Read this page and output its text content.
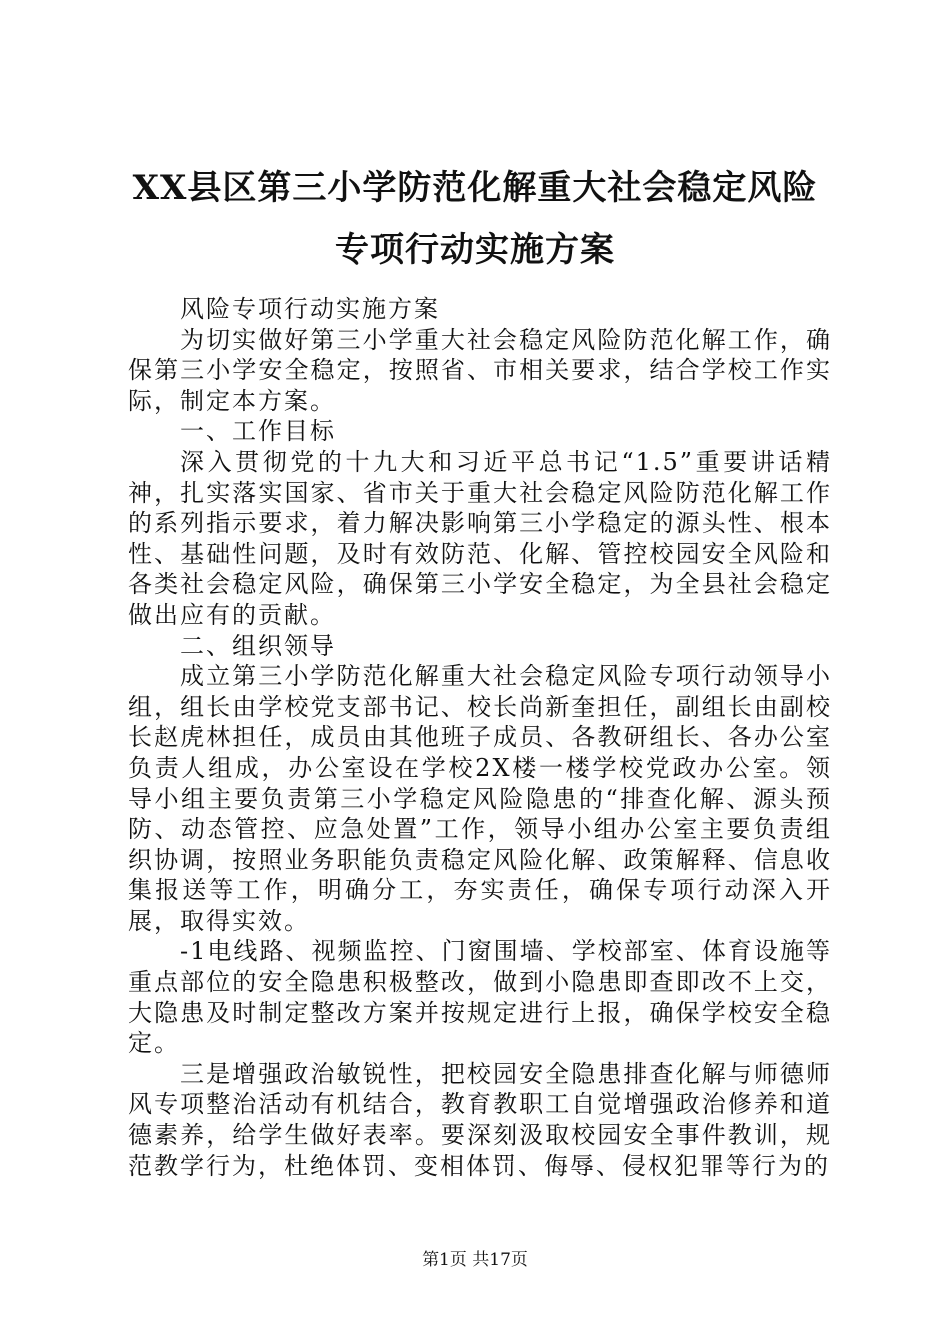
XX县区第三小学防范化解重大社会稳定风险
专项行动实施方案

风险专项行动实施方案

为切实做好第三小学重大社会稳定风险防范化解工作，确保第三小学安全稳定，按照省、市相关要求，结合学校工作实际，制定本方案。

一、工作目标

深入贯彻党的十九大和习近平总书记“1.5”重要讲话精神，扎实落实国家、省市关于重大社会稳定风险防范化解工作的系列指示要求，着力解决影响第三小学稳定的源头性、根本性、基础性问题，及时有效防范、化解、管控校园安全风险和各类社会稳定风险，确保第三小学安全稳定，为全县社会稳定做出应有的贡献。

二、组织领导

成立第三小学防范化解重大社会稳定风险专项行动领导小组，组长由学校党支部书记、校长尚新奎担任，副组长由副校长赵虎林担任，成员由其他班子成员、各教研组长、各办公室负责人组成，办公室设在学校2X楼一楼学校党政办公室。领导小组主要负责第三小学稳定风险隐患的“排查化解、源头预防、动态管控、应急处置”工作，领导小组办公室主要负责组织协调，按照业务职能负责稳定风险化解、政策解释、信息收集报送等工作，明确分工，夯实责任，确保专项行动深入开展，取得实效。

-1电线路、视频监控、门窗围墙、学校部室、体育设施等重点部位的安全隐患积极整改，做到小隐患即查即改不上交，大隐患及时制定整改方案并按规定进行上报，确保学校安全稳定。

三是增强政治敏锐性，把校园安全隐患排查化解与师德师风专项整治活动有机结合，教育教职工自觉增强政治修养和道德素养，给学生做好表率。要深刻汲取校园安全事件教训，规范教学行为，杜绝体罚、变相体罚、侮辱、侵权犯罪等行为的

第1页 共17页
